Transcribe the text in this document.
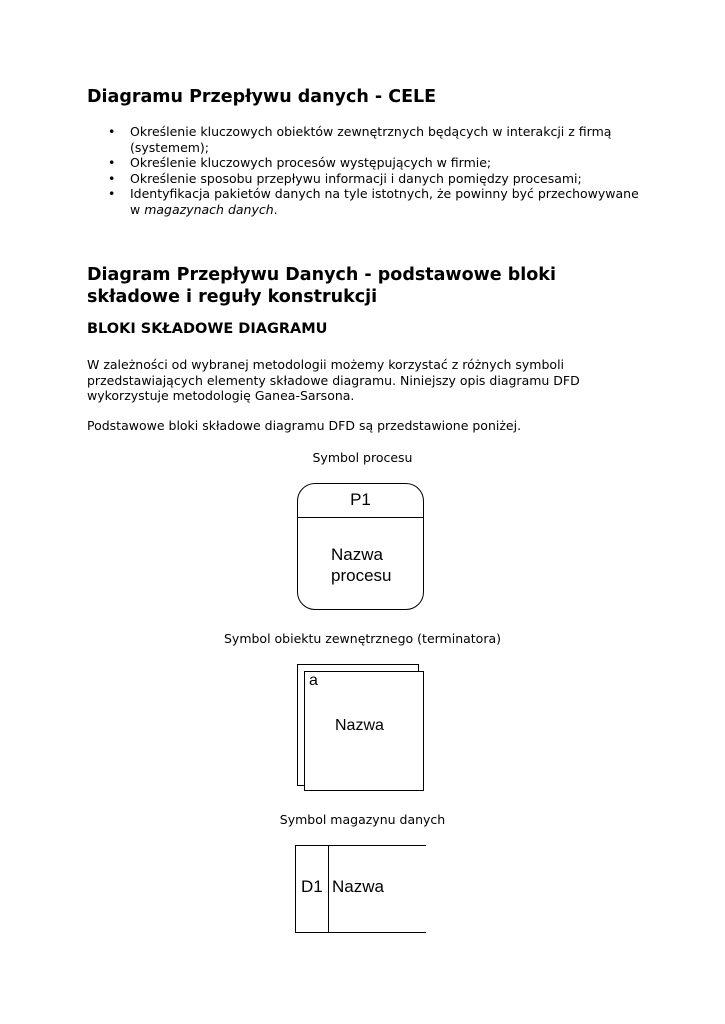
Diagramu Przepływu danych - CELE
• Określenie kluczowych obiektów zewnętrznych będących w interakcji z firmą (systemem);
• Określenie kluczowych procesów występujących w firmie;
• Określenie sposobu przepływu informacji i danych pomiędzy procesami;
• Identyfikacja pakietów danych na tyle istotnych, że powinny być przechowywane w magazynach danych.
Diagram Przepływu Danych - podstawowe bloki składowe i reguły konstrukcji
BLOKI SKŁADOWE DIAGRAMU

W zależności od wybranej metodologii możemy korzystać z różnych symboli przedstawiających elementy składowe diagramu. Niniejszy opis diagramu DFD wykorzystuje metodologię Ganea-Sarsona.

Podstawowe bloki składowe diagramu DFD są przedstawione poniżej.

Symbol procesu

P1
Nazwa
procesu

Symbol obiektu zewnętrznego (terminatora)

a
Nazwa

Symbol magazynu danych

D1 Nazwa
